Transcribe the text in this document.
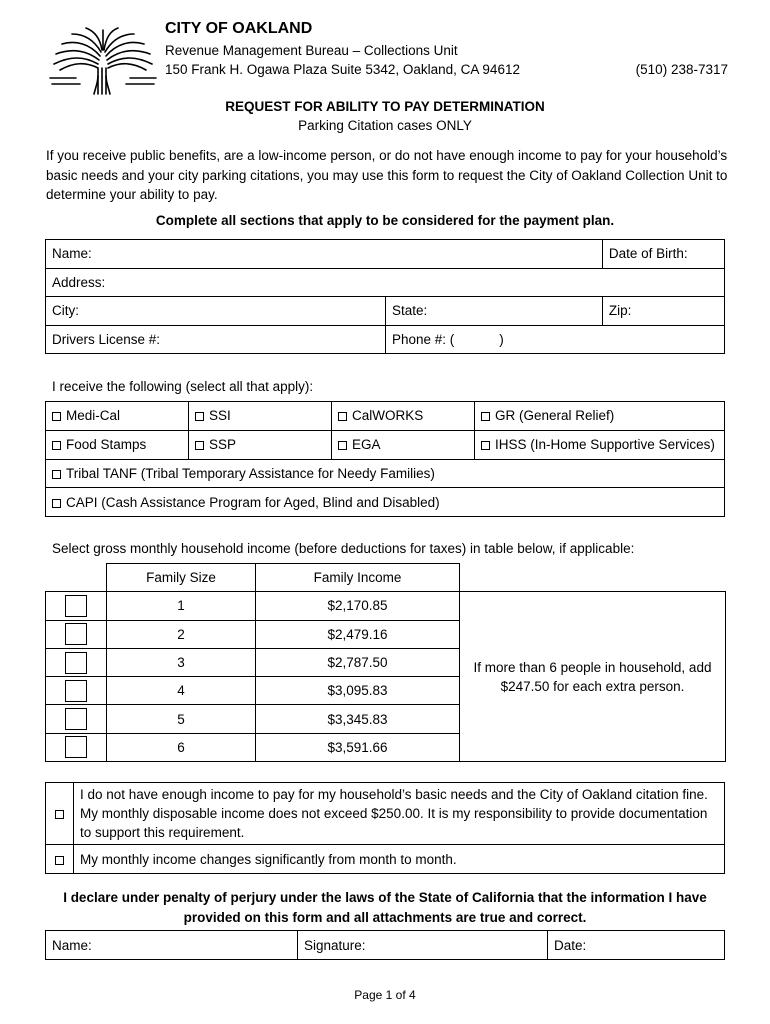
CITY OF OAKLAND
Revenue Management Bureau – Collections Unit
150 Frank H. Ogawa Plaza Suite 5342, Oakland, CA 94612	(510) 238-7317
REQUEST FOR ABILITY TO PAY DETERMINATION
Parking Citation cases ONLY
If you receive public benefits, are a low-income person, or do not have enough income to pay for your household’s basic needs and your city parking citations, you may use this form to request the City of Oakland Collection Unit to determine your ability to pay.
Complete all sections that apply to be considered for the payment plan.
Name:		Date of Birth:
Address:		
City:	State:	Zip:
Drivers License #:	Phone #: (            )	
I receive the following (select all that apply):
Medi-Cal	SSI	CalWORKS	GR (General Relief)
Food Stamps	SSP	EGA	IHSS (In-Home Supportive Services)
Tribal TANF (Tribal Temporary Assistance for Needy Families)			
CAPI (Cash Assistance Program for Aged, Blind and Disabled)			
Select gross monthly household income (before deductions for taxes) in table below, if applicable:
	Family Size	Family Income	
	1	$2,170.85	If more than 6 people in household, add $247.50 for each extra person.
	2	$2,479.16	
	3	$2,787.50	
	4	$3,095.83	
	5	$3,345.83	
	6	$3,591.66	
	I do not have enough income to pay for my household’s basic needs and the City of Oakland citation fine. My monthly disposable income does not exceed $250.00. It is my responsibility to provide documentation to support this requirement.
	My monthly income changes significantly from month to month.
I declare under penalty of perjury under the laws of the State of California that the information I have
provided on this form and all attachments are true and correct.
Name:	Signature:	Date:
Page 1 of 4
